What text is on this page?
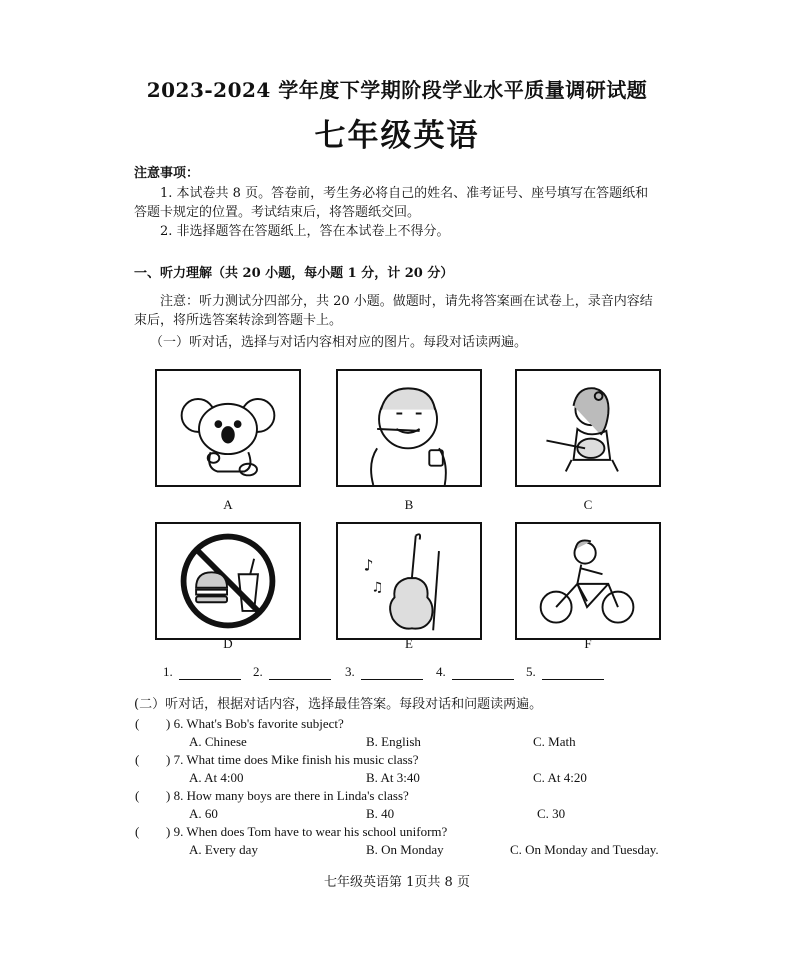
2023-2024 学年度下学期阶段学业水平质量调研试题
七年级英语
注意事项：
1. 本试卷共 8 页。答卷前，考生务必将自己的姓名、准考证号、座号填写在答题纸和
答题卡规定的位置。考试结束后，将答题纸交回。
2. 非选择题答在答题纸上，答在本试卷上不得分。
一、听力理解（共 20 小题，每小题 1 分，计 20 分）
注意：听力测试分四部分，共 20 小题。做题时，请先将答案画在试卷上，录音内容结
束后，将所选答案转涂到答题卡上。
（一）听对话，选择与对话内容相对应的图片。每段对话读两遍。
A	B	C
D
♪
♫
E	F
1.	2.	3.	4.	5.
(二）听对话，根据对话内容，选择最佳答案。每段对话和问题读两遍。
( ) 6. What's Bob's favorite subject?
A. Chinese	B. English	C. Math
( ) 7. What time does Mike finish his music class?
A. At 4:00	B. At 3:40	C. At 4:20
( ) 8. How many boys are there in Linda's class?
A. 60	B. 40	C. 30
( ) 9. When does Tom have to wear his school uniform?
A. Every day	B. On Monday	C. On Monday and Tuesday.
七年级英语第 1页共 8 页
